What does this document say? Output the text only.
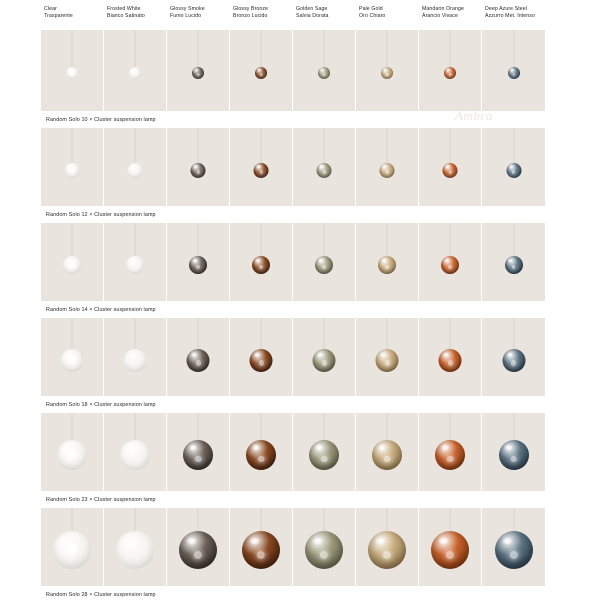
Clear
Trasparente
Frosted White
Bianco Satinato
Glossy Smoke
Fumo Lucido
Glossy Bronze
Bronzo Lucido
Golden Sage
Salvia Dorata
Pale Gold
Oro Chiaro
Mandarin Orange
Arancio Vivace
Deep Azure Steel
Azzurro Met. Intenso
Random Solo 10 × Cluster suspension lamp
Random Solo 12 × Cluster suspension lamp
Random Solo 14 × Cluster suspension lamp
Random Solo 18 × Cluster suspension lamp
Random Solo 23 × Cluster suspension lamp
Random Solo 28 × Cluster suspension lamp
Ambra
